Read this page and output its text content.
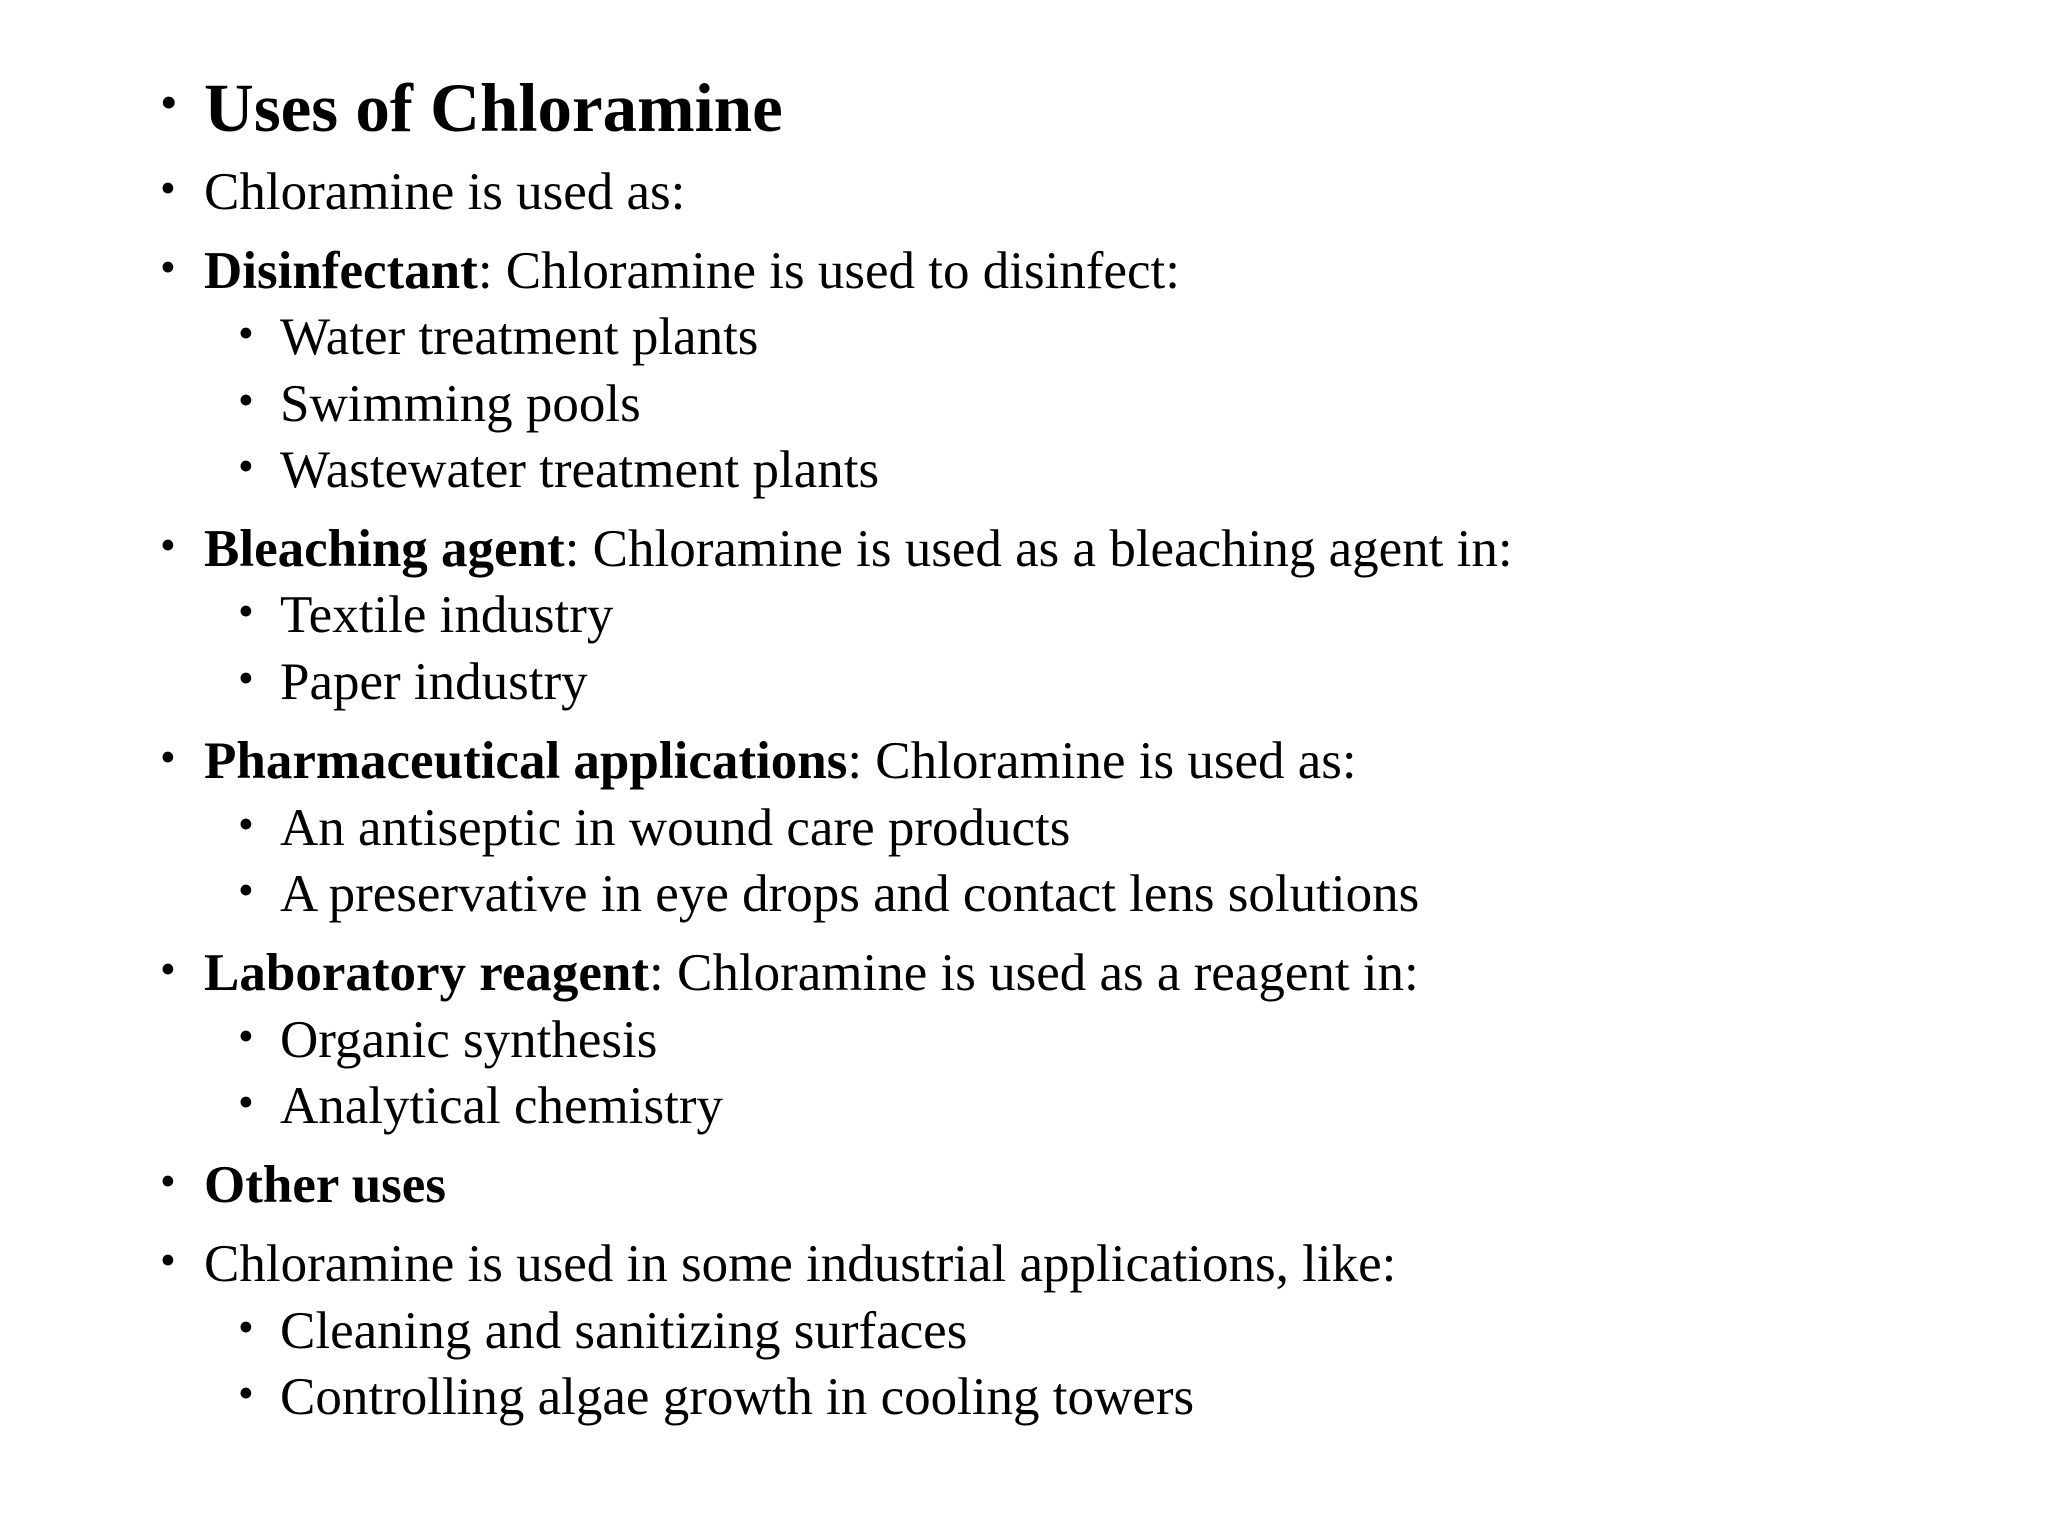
• Uses of Chloramine
• Chloramine is used as:
• Disinfectant: Chloramine is used to disinfect:
• Water treatment plants
• Swimming pools
• Wastewater treatment plants
• Bleaching agent: Chloramine is used as a bleaching agent in:
• Textile industry
• Paper industry
• Pharmaceutical applications: Chloramine is used as:
• An antiseptic in wound care products
• A preservative in eye drops and contact lens solutions
• Laboratory reagent: Chloramine is used as a reagent in:
• Organic synthesis
• Analytical chemistry
• Other uses
• Chloramine is used in some industrial applications, like:
• Cleaning and sanitizing surfaces
• Controlling algae growth in cooling towers
